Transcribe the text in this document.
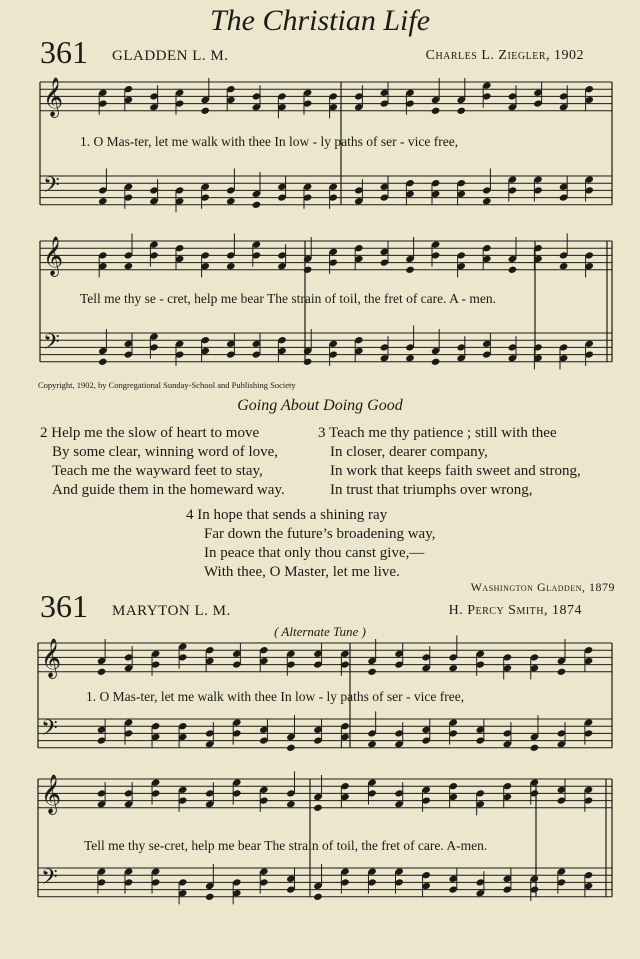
The Christian Life
361 GLADDEN L. M.	Charles L. Ziegler, 1902
𝄞
𝄢
𝄞
𝄢
𝄞
𝄢
𝄞
𝄢
1. O Mas-ter, let me walk with thee In low - ly paths of ser - vice free,
Tell me thy se - cret, help me bear The strain of toil, the fret of care. A - men.
Copyright, 1902, by Congregational Sunday-School and Publishing Society
Going About Doing Good
2 Help me the slow of heart to move
By some clear, winning word of love,
Teach me the wayward feet to stay,
And guide them in the homeward way.
3 Teach me thy patience ; still with thee
In closer, dearer company,
In work that keeps faith sweet and strong,
In trust that triumphs over wrong,
4 In hope that sends a shining ray
Far down the future’s broadening way,
In peace that only thou canst give,—
With thee, O Master, let me live.
Washington Gladden, 1879
361 MARYTON L. M.	H. Percy Smith, 1874
( Alternate Tune )
1. O Mas-ter, let me walk with thee In low - ly paths of ser - vice free,
Tell me thy se-cret, help me bear The strain of toil, the fret of care. A-men.
